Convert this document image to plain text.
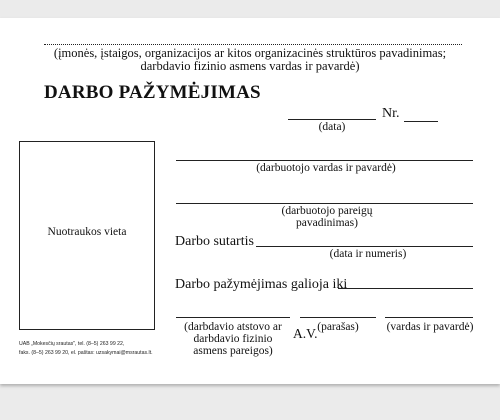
(įmonės, įstaigos, organizacijos ar kitos organizacinės struktūros pavadinimas;
darbdavio fizinio asmens vardas ir pavardė)
DARBO PAŽYMĖJIMAS
(data)
Nr.
Nuotraukos vieta
(darbuotojo vardas ir pavardė)
(darbuotojo pareigų pavadinimas)
Darbo sutartis
(data ir numeris)
Darbo pažymėjimas galioja iki
(darbdavio atstovo ar
darbdavio fizinio
asmens pareigos)
(parašas)	(vardas ir pavardė)
A.V.
UAB „Mokesčių srautas", tel. (8–5) 263 99 22,
faks. (8–5) 263 99 20, el. paštas: uzsakymai@msrautas.lt.
